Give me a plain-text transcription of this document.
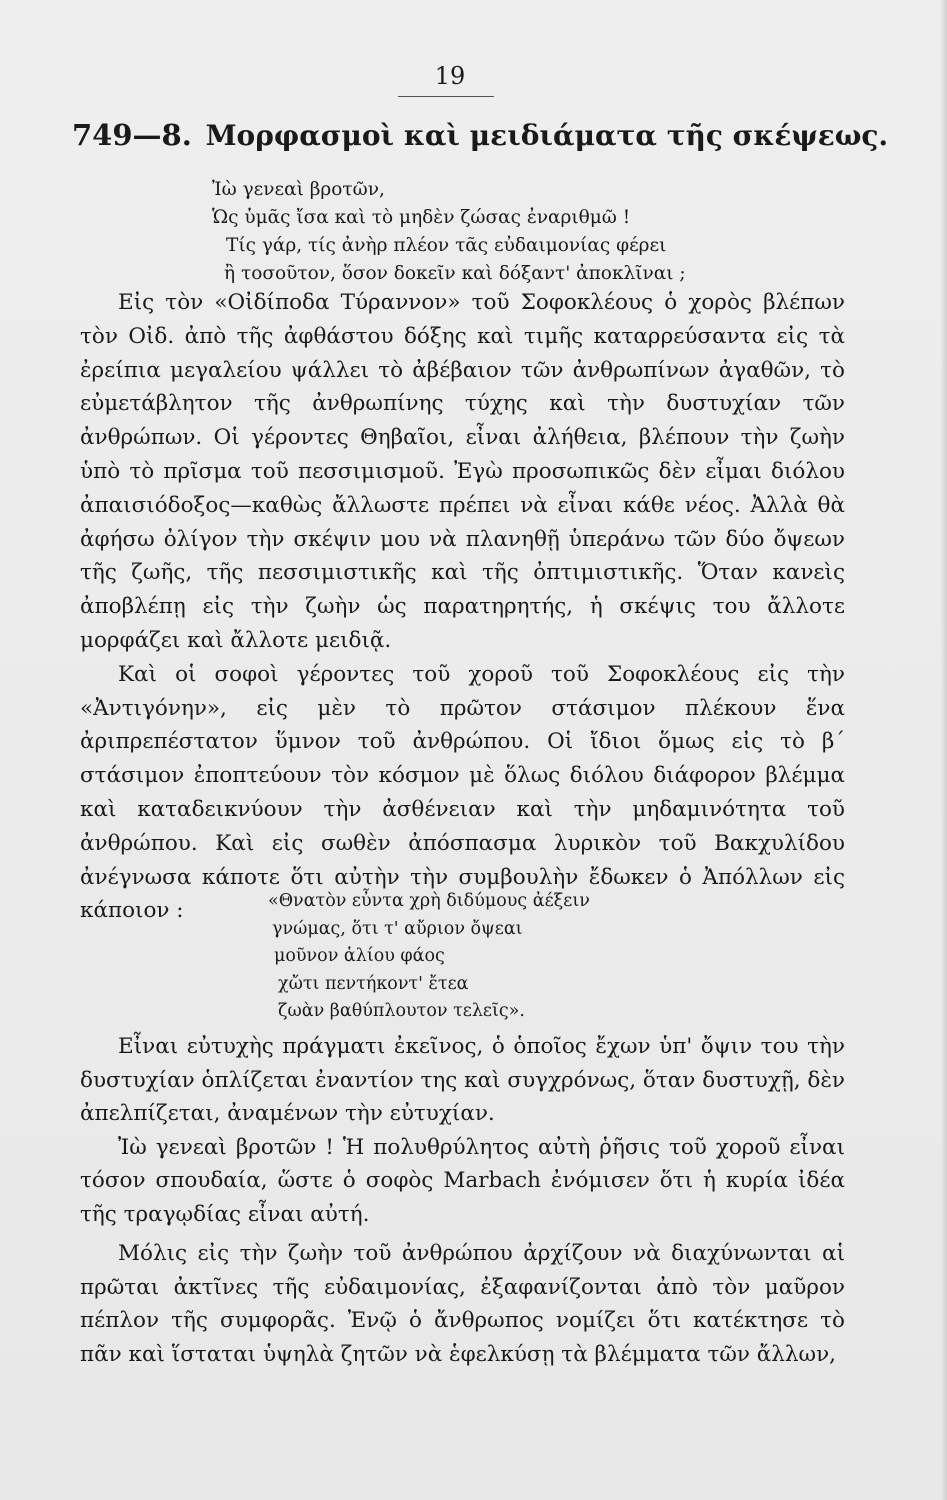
19
749—8. Μορφασμοὶ καὶ μειδιάματα τῆς σκέψεως.
Ἰὼ γενεαὶ βροτῶν,
Ὡς ὑμᾶς ἴσα καὶ τὸ μηδὲν ζώσας ἐναριθμῶ !
Τίς γάρ, τίς ἀνὴρ πλέον τᾶς εὐδαιμονίας φέρει
ἢ τοσοῦτον, ὅσον δοκεῖν καὶ δόξαντ' ἀποκλῖναι ;

Εἰς τὸν «Οἰδίποδα Τύραννον» τοῦ Σοφοκλέους ὁ χορὸς βλέπων τὸν Οἰδ. ἀπὸ τῆς ἀφθάστου δόξης καὶ τιμῆς καταρρεύσαντα εἰς τὰ ἐρείπια μεγαλείου ψάλλει τὸ ἀβέβαιον τῶν ἀνθρωπίνων ἀγαθῶν, τὸ εὐμετάβλητον τῆς ἀνθρωπίνης τύχης καὶ τὴν δυστυχίαν τῶν ἀνθρώπων. Οἱ γέροντες Θηβαῖοι, εἶναι ἀλήθεια, βλέπουν τὴν ζωὴν ὑπὸ τὸ πρῖσμα τοῦ πεσσιμισμοῦ. Ἐγὼ προσωπικῶς δὲν εἶμαι διόλου ἀπαισιόδοξος—καθὼς ἄλλωστε πρέπει νὰ εἶναι κάθε νέος. Ἀλλὰ θὰ ἀφήσω ὀλίγον τὴν σκέψιν μου νὰ πλανηθῇ ὑπεράνω τῶν δύο ὄψεων τῆς ζωῆς, τῆς πεσσιμιστικῆς καὶ τῆς ὀπτιμιστικῆς. Ὅταν κανεὶς ἀποβλέπῃ εἰς τὴν ζωὴν ὡς παρατηρητής, ἡ σκέψις του ἄλλοτε μορφάζει καὶ ἄλλοτε μειδιᾷ.

Καὶ οἱ σοφοὶ γέροντες τοῦ χοροῦ τοῦ Σοφοκλέους εἰς τὴν «Ἀντιγόνην», εἰς μὲν τὸ πρῶτον στάσιμον πλέκουν ἕνα ἀριπρεπέστατον ὕμνον τοῦ ἀνθρώπου. Οἱ ἴδιοι ὅμως εἰς τὸ β΄ στάσιμον ἐποπτεύουν τὸν κόσμον μὲ ὅλως διόλου διάφορον βλέμμα καὶ καταδεικνύουν τὴν ἀσθένειαν καὶ τὴν μηδαμινότητα τοῦ ἀνθρώπου. Καὶ εἰς σωθὲν ἀπόσπασμα λυρικὸν τοῦ Βακχυλίδου ἀνέγνωσα κάποτε ὅτι αὐτὴν τὴν συμβουλὴν ἔδωκεν ὁ Ἀπόλλων εἰς κάποιον :	«Θνατὸν εὖντα χρὴ διδύμους ἀέξειν
γνώμας, ὅτι τ' αὔριον ὄψεαι
μοῦνον ἁλίου φάος
χὤτι πεντήκοντ' ἔτεα
ζωὰν βαθύπλουτον τελεῖς».

Εἶναι εὐτυχὴς πράγματι ἐκεῖνος, ὁ ὁποῖος ἔχων ὑπ' ὄψιν του τὴν δυστυχίαν ὁπλίζεται ἐναντίον της καὶ συγχρόνως, ὅταν δυστυχῇ, δὲν ἀπελπίζεται, ἀναμένων τὴν εὐτυχίαν.

Ἰὼ γενεαὶ βροτῶν ! Ἡ πολυθρύλητος αὐτὴ ῥῆσις τοῦ χοροῦ εἶναι τόσον σπουδαία, ὥστε ὁ σοφὸς Marbach ἐνόμισεν ὅτι ἡ κυρία ἰδέα τῆς τραγῳδίας εἶναι αὐτή.

Μόλις εἰς τὴν ζωὴν τοῦ ἀνθρώπου ἀρχίζουν νὰ διαχύνωνται αἱ πρῶται ἀκτῖνες τῆς εὐδαιμονίας, ἐξαφανίζονται ἀπὸ τὸν μαῦρον πέπλον τῆς συμφορᾶς. Ἐνῷ ὁ ἄνθρωπος νομίζει ὅτι κατέκτησε τὸ πᾶν καὶ ἵσταται ὑψηλὰ ζητῶν νὰ ἑφελκύσῃ τὰ βλέμματα τῶν ἄλλων,
